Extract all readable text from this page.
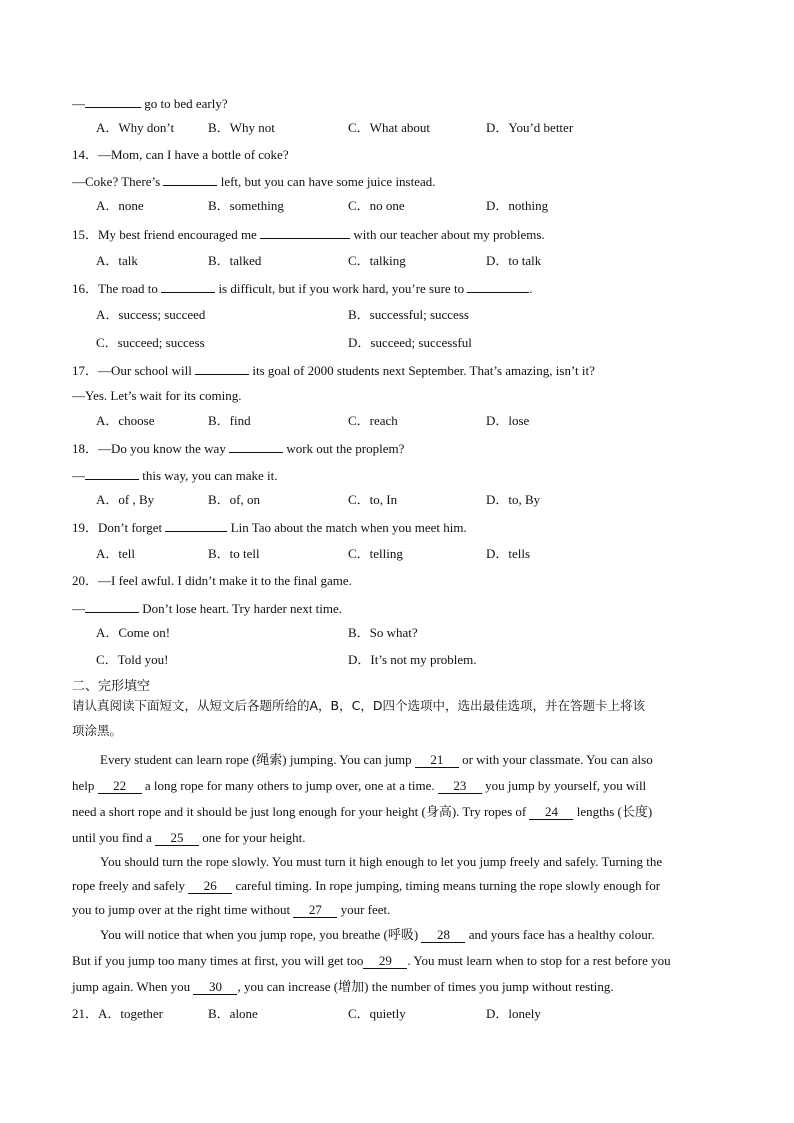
—	go to bed early?
A．Why don’t	B．Why not	C．What about	D．You’d better
14．—Mom, can I have a bottle of coke?
—Coke? There’s	left, but you can have some juice instead.
A．none	B．something	C．no one	D．nothing
15．My best friend encouraged me	with our teacher about my problems.
A．talk	B．talked	C．talking	D．to talk
16．The road to	is difficult, but if you work hard, you’re sure to	.
A．success; succeed	B．successful; success
C．succeed; success	D．succeed; successful
17．—Our school will	its goal of 2000 students next September. That’s amazing, isn’t it?
—Yes. Let’s wait for its coming.
A．choose	B．find	C．reach	D．lose
18．—Do you know the way	work out the proplem?
—	this way, you can make it.
A．of , By	B．of, on	C．to, In	D．to, By
19．Don’t forget	Lin Tao about the match when you meet him.
A．tell	B．to tell	C．telling	D．tells
20．—I feel awful. I didn’t make it to the final game.
—	Don’t lose heart. Try harder next time.
A．Come on!	B．So what?
C．Told you!	D．It’s not my problem.
二、完形填空
请认真阅读下面短文，从短文后各题所给的A，B，C，D四个选项中，选出最佳选项，并在答题卡上将该
项涂黑。
Every student can learn rope (绳索) jumping. You can jump 21 or with your classmate. You can also
help 22 a long rope for many others to jump over, one at a time. 23 you jump by yourself, you will
need a short rope and it should be just long enough for your height (身高). Try ropes of 24 lengths (长度)
until you find a 25 one for your height.
You should turn the rope slowly. You must turn it high enough to let you jump freely and safely. Turning the
rope freely and safely 26 careful timing. In rope jumping, timing means turning the rope slowly enough for
you to jump over at the right time without 27 your feet.
You will notice that when you jump rope, you breathe (呼吸) 28 and yours face has a healthy colour.
But if you jump too many times at first, you will get too 29 . You must learn when to stop for a rest before you
jump again. When you 30 , you can increase (增加) the number of times you jump without resting.
21．A．together	B．alone	C．quietly	D．lonely
